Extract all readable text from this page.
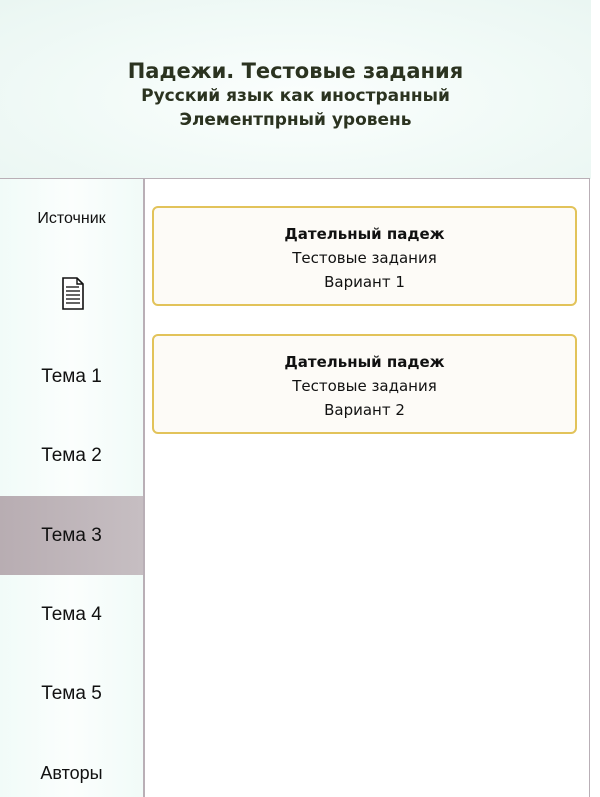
Падежи. Тестовые задания
Русский язык как иностранный
Элементпрный уровень
Источник
Тема 1
Тема 2
Тема 3
Тема 4
Тема 5
Авторы
Дательный падеж
Тестовые задания
Вариант 1
Дательный падеж
Тестовые задания
Вариант 2
